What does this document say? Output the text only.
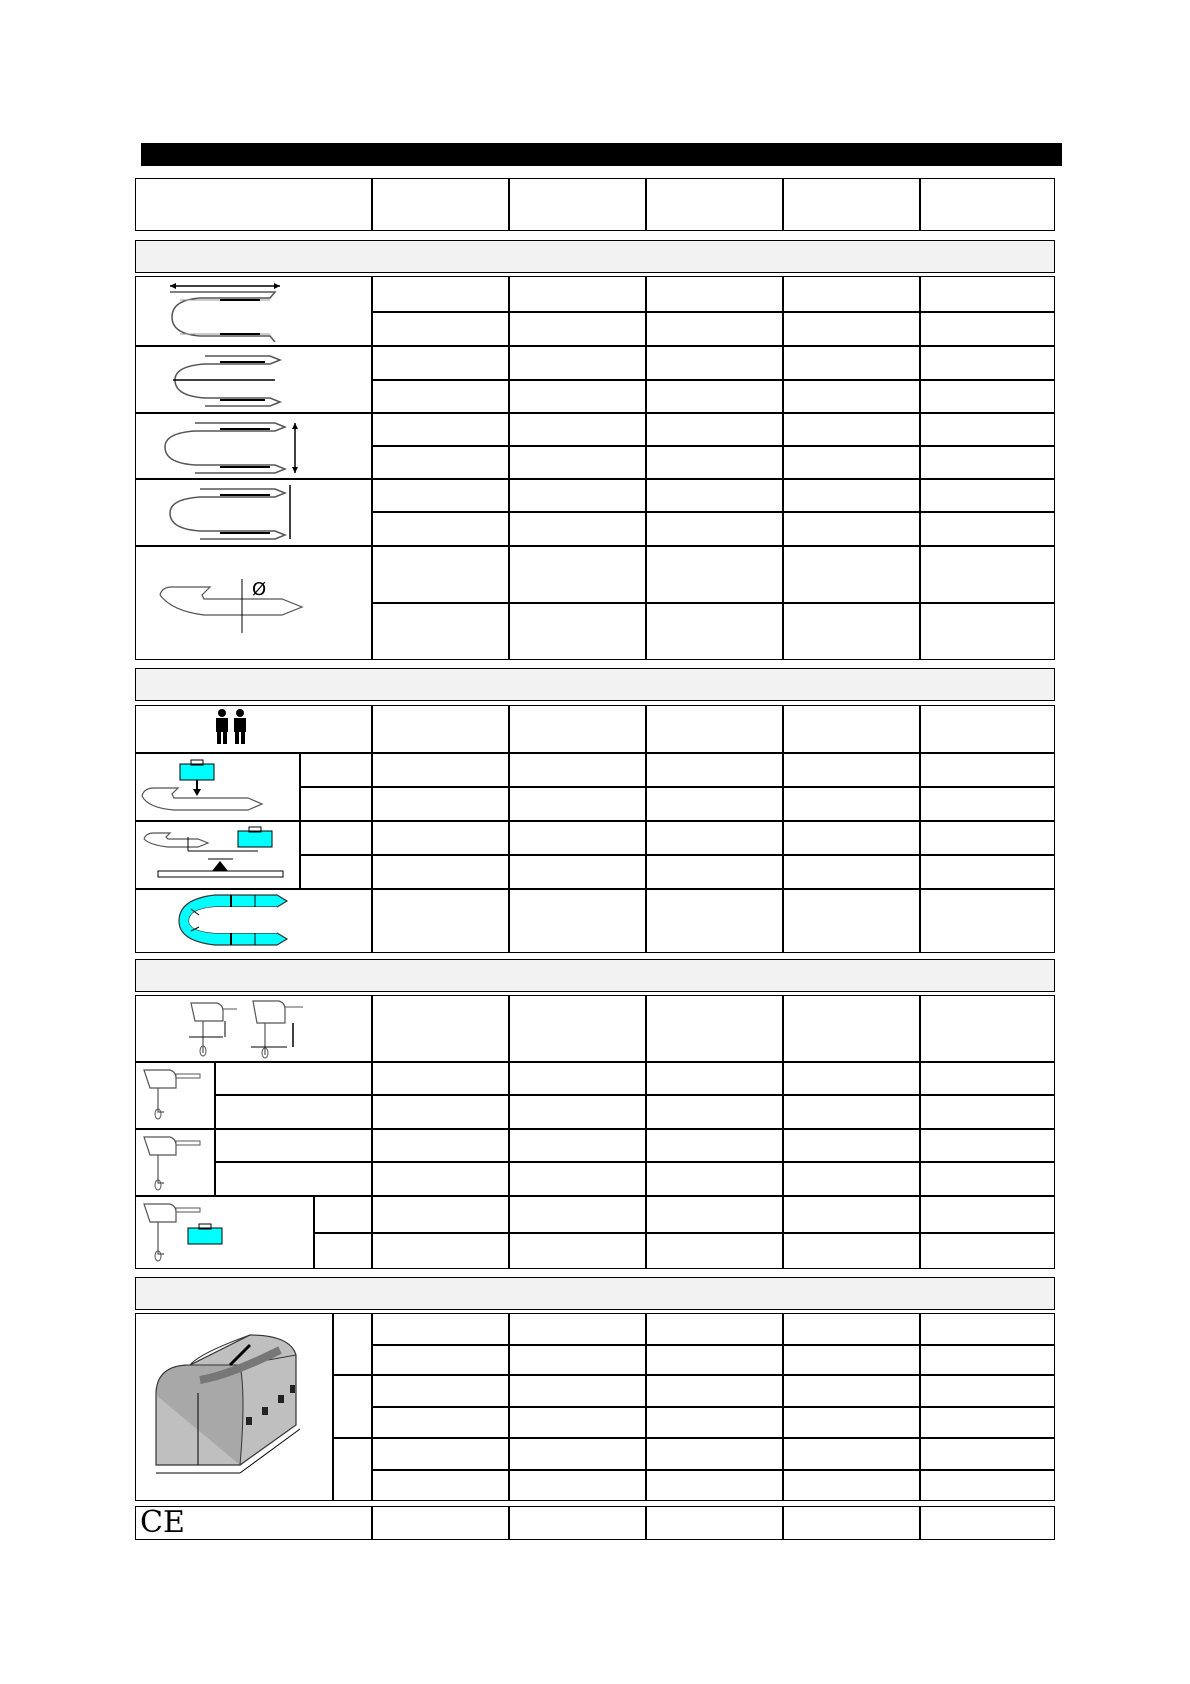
Ø
CE
